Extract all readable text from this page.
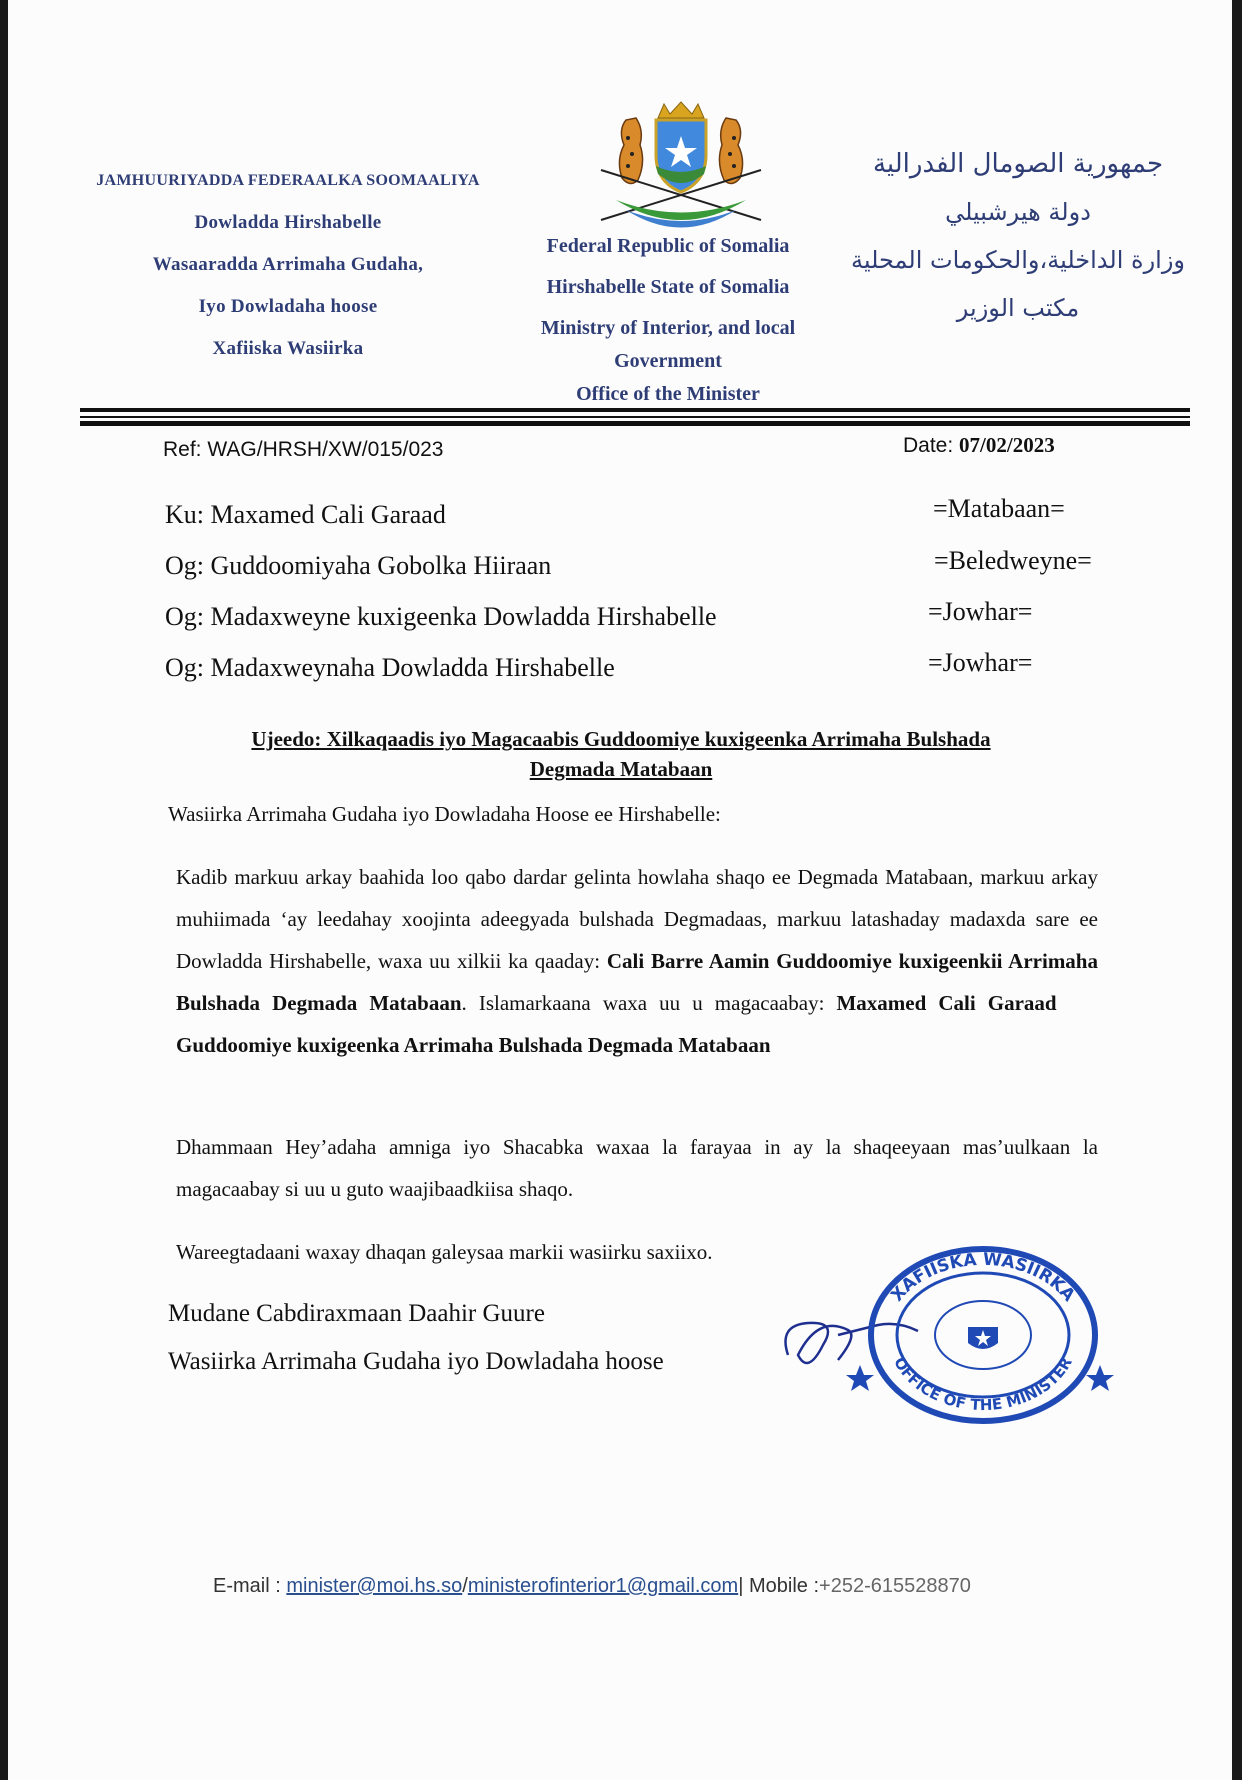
JAMHUURIYADDA FEDERAALKA SOOMAALIYA
Dowladda Hirshabelle
Wasaaradda Arrimaha Gudaha,
Iyo Dowladaha hoose
Xafiiska Wasiirka
Federal Republic of Somalia
Hirshabelle State of Somalia
Ministry of Interior, and local
Government
Office of the Minister
جمهورية الصومال الفدرالية
دولة هيرشبيلي
وزارة الداخلية،والحكومات المحلية
مكتب الوزير
Ref: WAG/HRSH/XW/015/023	Date: 07/02/2023
Ku: Maxamed Cali Garaad	=Matabaan=
Og: Guddoomiyaha Gobolka Hiiraan	=Beledweyne=
Og: Madaxweyne kuxigeenka Dowladda Hirshabelle	=Jowhar=
Og: Madaxweynaha Dowladda Hirshabelle	=Jowhar=
Ujeedo: Xilkaqaadis iyo Magacaabis Guddoomiye kuxigeenka Arrimaha Bulshada
Degmada Matabaan
Wasiirka Arrimaha Gudaha iyo Dowladaha Hoose ee Hirshabelle:
Kadib markuu arkay baahida loo qabo dardar gelinta howlaha shaqo ee Degmada Matabaan, markuu arkay muhiimada ‘ay leedahay xoojinta adeegyada bulshada Degmadaas, markuu latashaday madaxda sare ee Dowladda Hirshabelle, waxa uu xilkii ka qaaday: Cali Barre Aamin Guddoomiye kuxigeenkii Arrimaha Bulshada Degmada Matabaan. Islamarkaana waxa uu u magacaabay: Maxamed Cali Garaad     Guddoomiye kuxigeenka Arrimaha Bulshada Degmada Matabaan
Dhammaan Hey’adaha amniga iyo Shacabka waxaa la farayaa in ay la shaqeeyaan mas’uulkaan la magacaabay si uu u guto waajibaadkiisa shaqo.
Wareegtadaani waxay dhaqan galeysaa markii wasiirku saxiixo.
Mudane Cabdiraxmaan Daahir Guure
Wasiirka Arrimaha Gudaha iyo Dowladaha hoose
XAFIISKA WASIIRKA
OFFICE OF THE MINISTER
E-mail : minister@moi.hs.so/ministerofinterior1@gmail.com| Mobile :+252-615528870
